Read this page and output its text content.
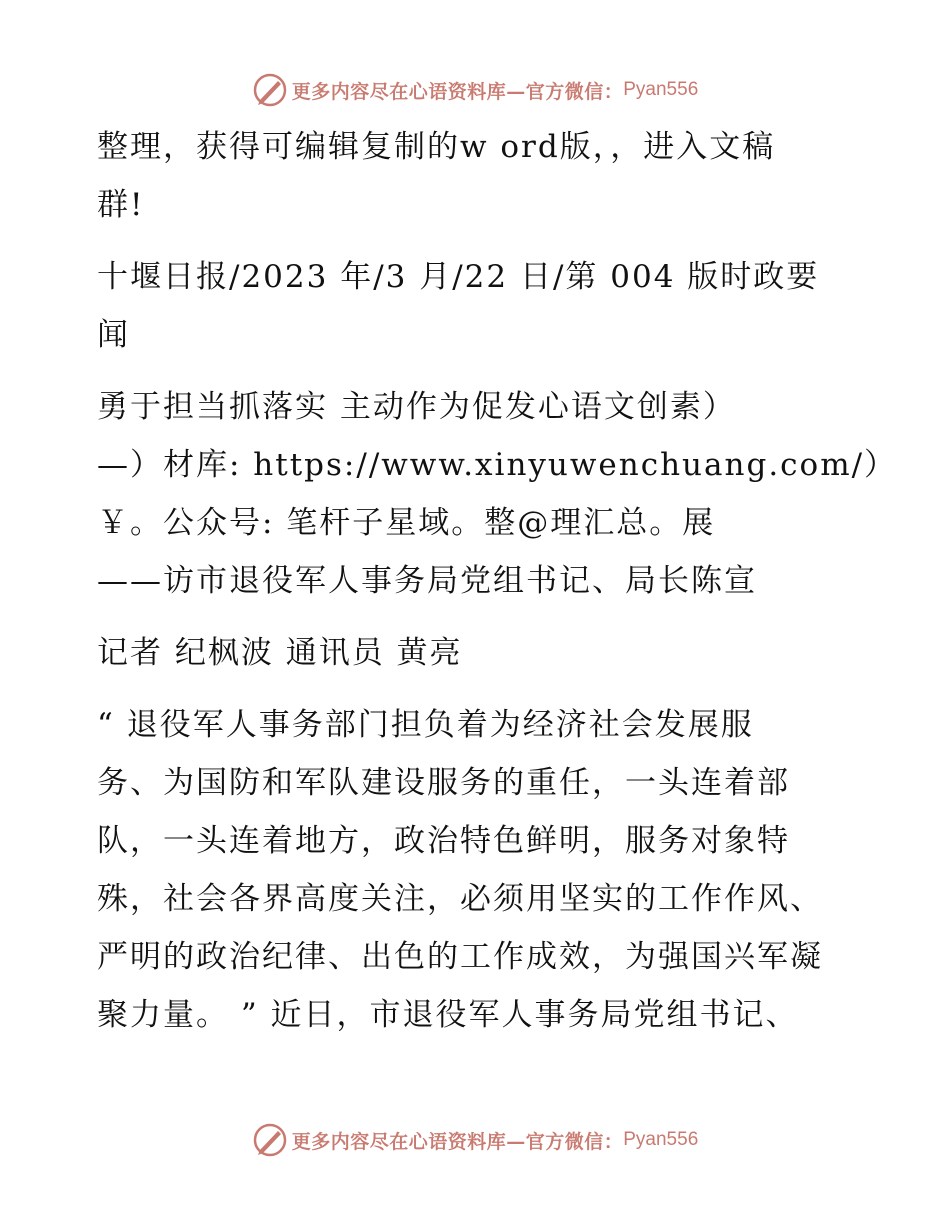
更多内容尽在心语资料库—官方微信： Pyan556

整理，获得可编辑复制的w ord版，，进入文稿

群!

十堰日报/2023 年/3 月/22 日/第 004 版时政要

闻

勇于担当抓落实 主动作为促发心语文创素）

—）材库: https://www.xinyuwenchuang.com/）

￥。公众号: 笔杆子星域。整@理汇总。展

——访市退役军人事务局党组书记、局长陈宣

记者 纪枫波 通讯员 黄亮

“ 退役军人事务部门担负着为经济社会发展服

务、为国防和军队建设服务的重任，一头连着部

队，一头连着地方，政治特色鲜明，服务对象特

殊，社会各界高度关注，必须用坚实的工作作风、

严明的政治纪律、出色的工作成效，为强国兴军凝

聚力量。 ” 近日，市退役军人事务局党组书记、

更多内容尽在心语资料库—官方微信： Pyan556
